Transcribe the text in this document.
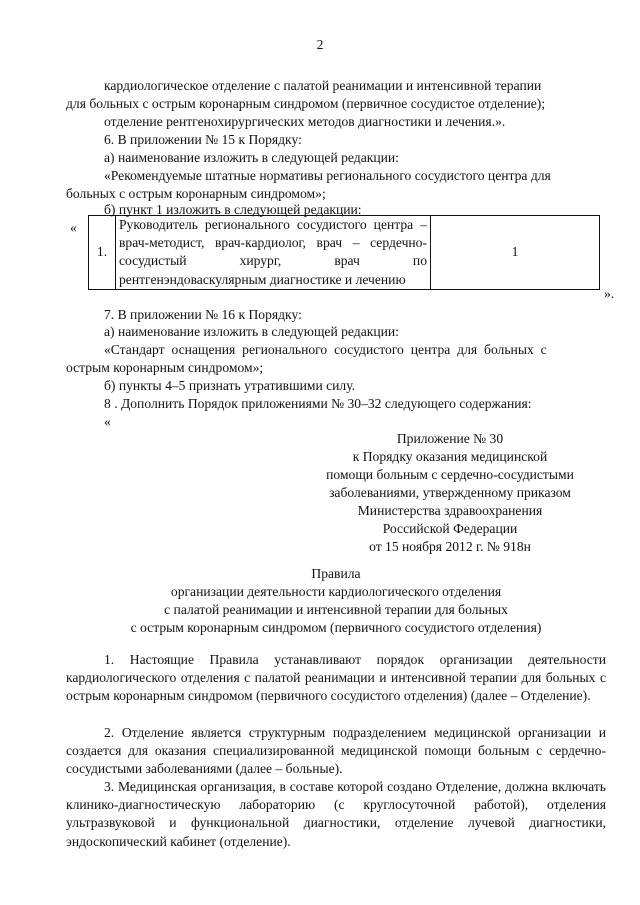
2
кардиологическое отделение с палатой реанимации и интенсивной терапии
для больных с острым коронарным синдромом (первичное сосудистое отделение);
отделение рентгенохирургических методов диагностики и лечения.».
6. В приложении № 15 к Порядку:
а) наименование изложить в следующей редакции:
«Рекомендуемые штатные нормативы регионального сосудистого центра для
больных с острым коронарным синдромом»;
б) пункт 1 изложить в следующей редакции:
«
1.	Руководитель регионального сосудистого центра – врач-методист, врач-кардиолог, врач – сердечно-сосудистый хирург, врач по рентгенэндоваскулярным диагностике и лечению	1
».
7. В приложении № 16 к Порядку:
а) наименование изложить в следующей редакции:
«Стандарт оснащения регионального сосудистого центра для больных с
острым коронарным синдромом»;
б) пункты 4–5 признать утратившими силу.
8 . Дополнить Порядок приложениями № 30–32 следующего содержания:
«
Приложение № 30
к Порядку оказания медицинской
помощи больным с сердечно-сосудистыми
заболеваниями, утвержденному приказом
Министерства здравоохранения
Российской Федерации
от 15 ноября 2012 г. № 918н
Правила
организации деятельности кардиологического отделения
с палатой реанимации и интенсивной терапии для больных
с острым коронарным синдромом (первичного сосудистого отделения)
1. Настоящие Правила устанавливают порядок организации деятельности кардиологического отделения с палатой реанимации и интенсивной терапии для больных с острым коронарным синдромом (первичного сосудистого отделения) (далее – Отделение).
2. Отделение является структурным подразделением медицинской организации и создается для оказания специализированной медицинской помощи больным с сердечно-сосудистыми заболеваниями (далее – больные).
3. Медицинская организация, в составе которой создано Отделение, должна включать клинико-диагностическую лабораторию (с круглосуточной работой), отделения ультразвуковой и функциональной диагностики, отделение лучевой диагностики, эндоскопический кабинет (отделение).
